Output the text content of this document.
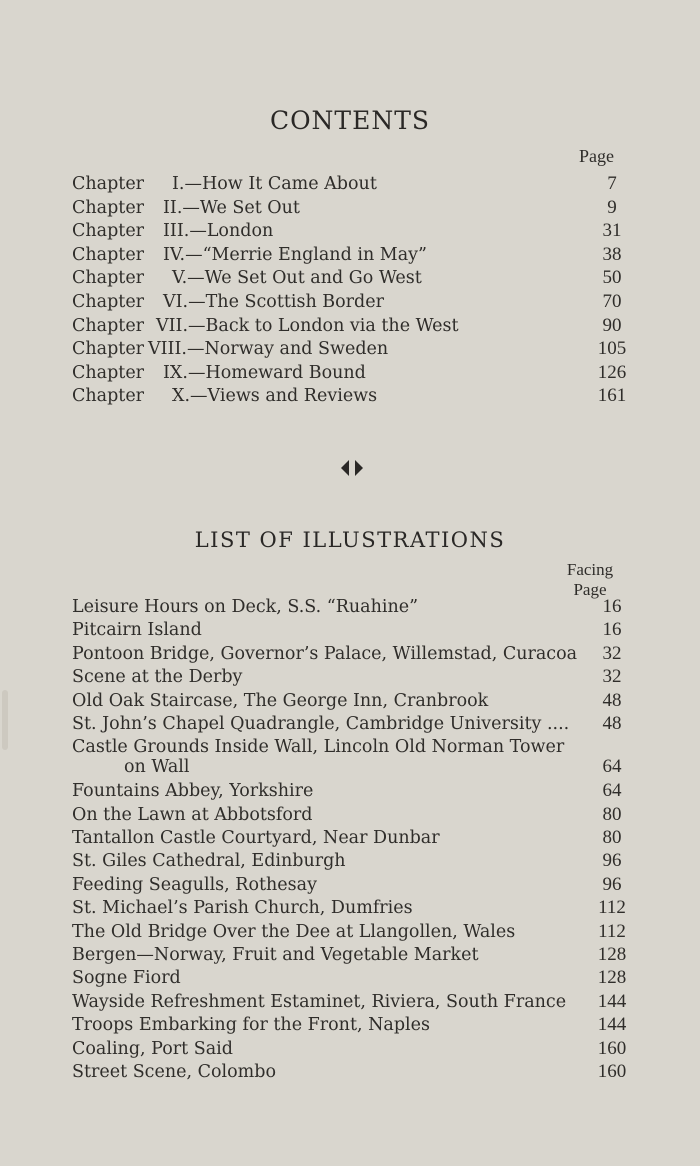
CONTENTS
Page
Chapter I.—How It Came About	7
Chapter II.—We Set Out	9
Chapter III.—London	31
Chapter IV.—“Merrie England in May”	38
Chapter V.—We Set Out and Go West	50
Chapter VI.—The Scottish Border	70
Chapter VII.—Back to London via the West	90
Chapter VIII.—Norway and Sweden	105
Chapter IX.—Homeward Bound	126
Chapter X.—Views and Reviews	161
LIST OF ILLUSTRATIONS
Facing
Page
Leisure Hours on Deck, S.S. “Ruahine”	16
Pitcairn Island	16
Pontoon Bridge, Governor’s Palace, Willemstad, Curacoa	32
Scene at the Derby	32
Old Oak Staircase, The George Inn, Cranbrook	48
St. John’s Chapel Quadrangle, Cambridge University ....	48
Castle Grounds Inside Wall, Lincoln Old Norman Tower
on Wall	64
Fountains Abbey, Yorkshire	64
On the Lawn at Abbotsford	80
Tantallon Castle Courtyard, Near Dunbar	80
St. Giles Cathedral, Edinburgh	96
Feeding Seagulls, Rothesay	96
St. Michael’s Parish Church, Dumfries	112
The Old Bridge Over the Dee at Llangollen, Wales	112
Bergen—Norway, Fruit and Vegetable Market	128
Sogne Fiord	128
Wayside Refreshment Estaminet, Riviera, South France	144
Troops Embarking for the Front, Naples	144
Coaling, Port Said	160
Street Scene, Colombo	160
